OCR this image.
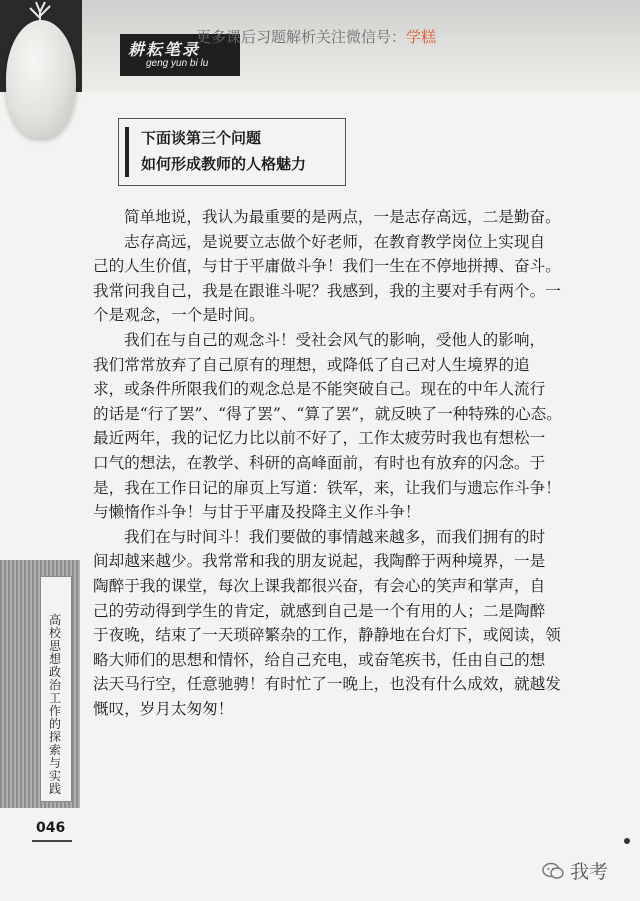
耕耘笔录
geng yun bi lu
更多课后习题解析关注微信号：学糕
下面谈第三个问题
如何形成教师的人格魅力
简单地说，我认为最重要的是两点，一是志存高远，二是勤奋。
志存高远，是说要立志做个好老师，在教育教学岗位上实现自
己的人生价值，与甘于平庸做斗争！我们一生在不停地拼搏、奋斗。
我常问我自己，我是在跟谁斗呢？我感到，我的主要对手有两个。一
个是观念，一个是时间。
我们在与自己的观念斗！受社会风气的影响，受他人的影响，
我们常常放弃了自己原有的理想，或降低了自己对人生境界的追
求，或条件所限我们的观念总是不能突破自己。现在的中年人流行
的话是“行了罢”、“得了罢”、“算了罢”，就反映了一种特殊的心态。
最近两年，我的记忆力比以前不好了，工作太疲劳时我也有想松一
口气的想法，在教学、科研的高峰面前，有时也有放弃的闪念。于
是，我在工作日记的扉页上写道：铁军，来，让我们与遗忘作斗争！
与懒惰作斗争！与甘于平庸及投降主义作斗争！
我们在与时间斗！我们要做的事情越来越多，而我们拥有的时
间却越来越少。我常常和我的朋友说起，我陶醉于两种境界，一是
陶醉于我的课堂，每次上课我都很兴奋，有会心的笑声和掌声，自
己的劳动得到学生的肯定，就感到自己是一个有用的人；二是陶醉
于夜晚，结束了一天琐碎繁杂的工作，静静地在台灯下，或阅读，领
略大师们的思想和情怀，给自己充电，或奋笔疾书，任由自己的想
法天马行空，任意驰骋！有时忙了一晚上，也没有什么成效，就越发
慨叹，岁月太匆匆！
高校思想政治工作的探索与实践
046
我考
